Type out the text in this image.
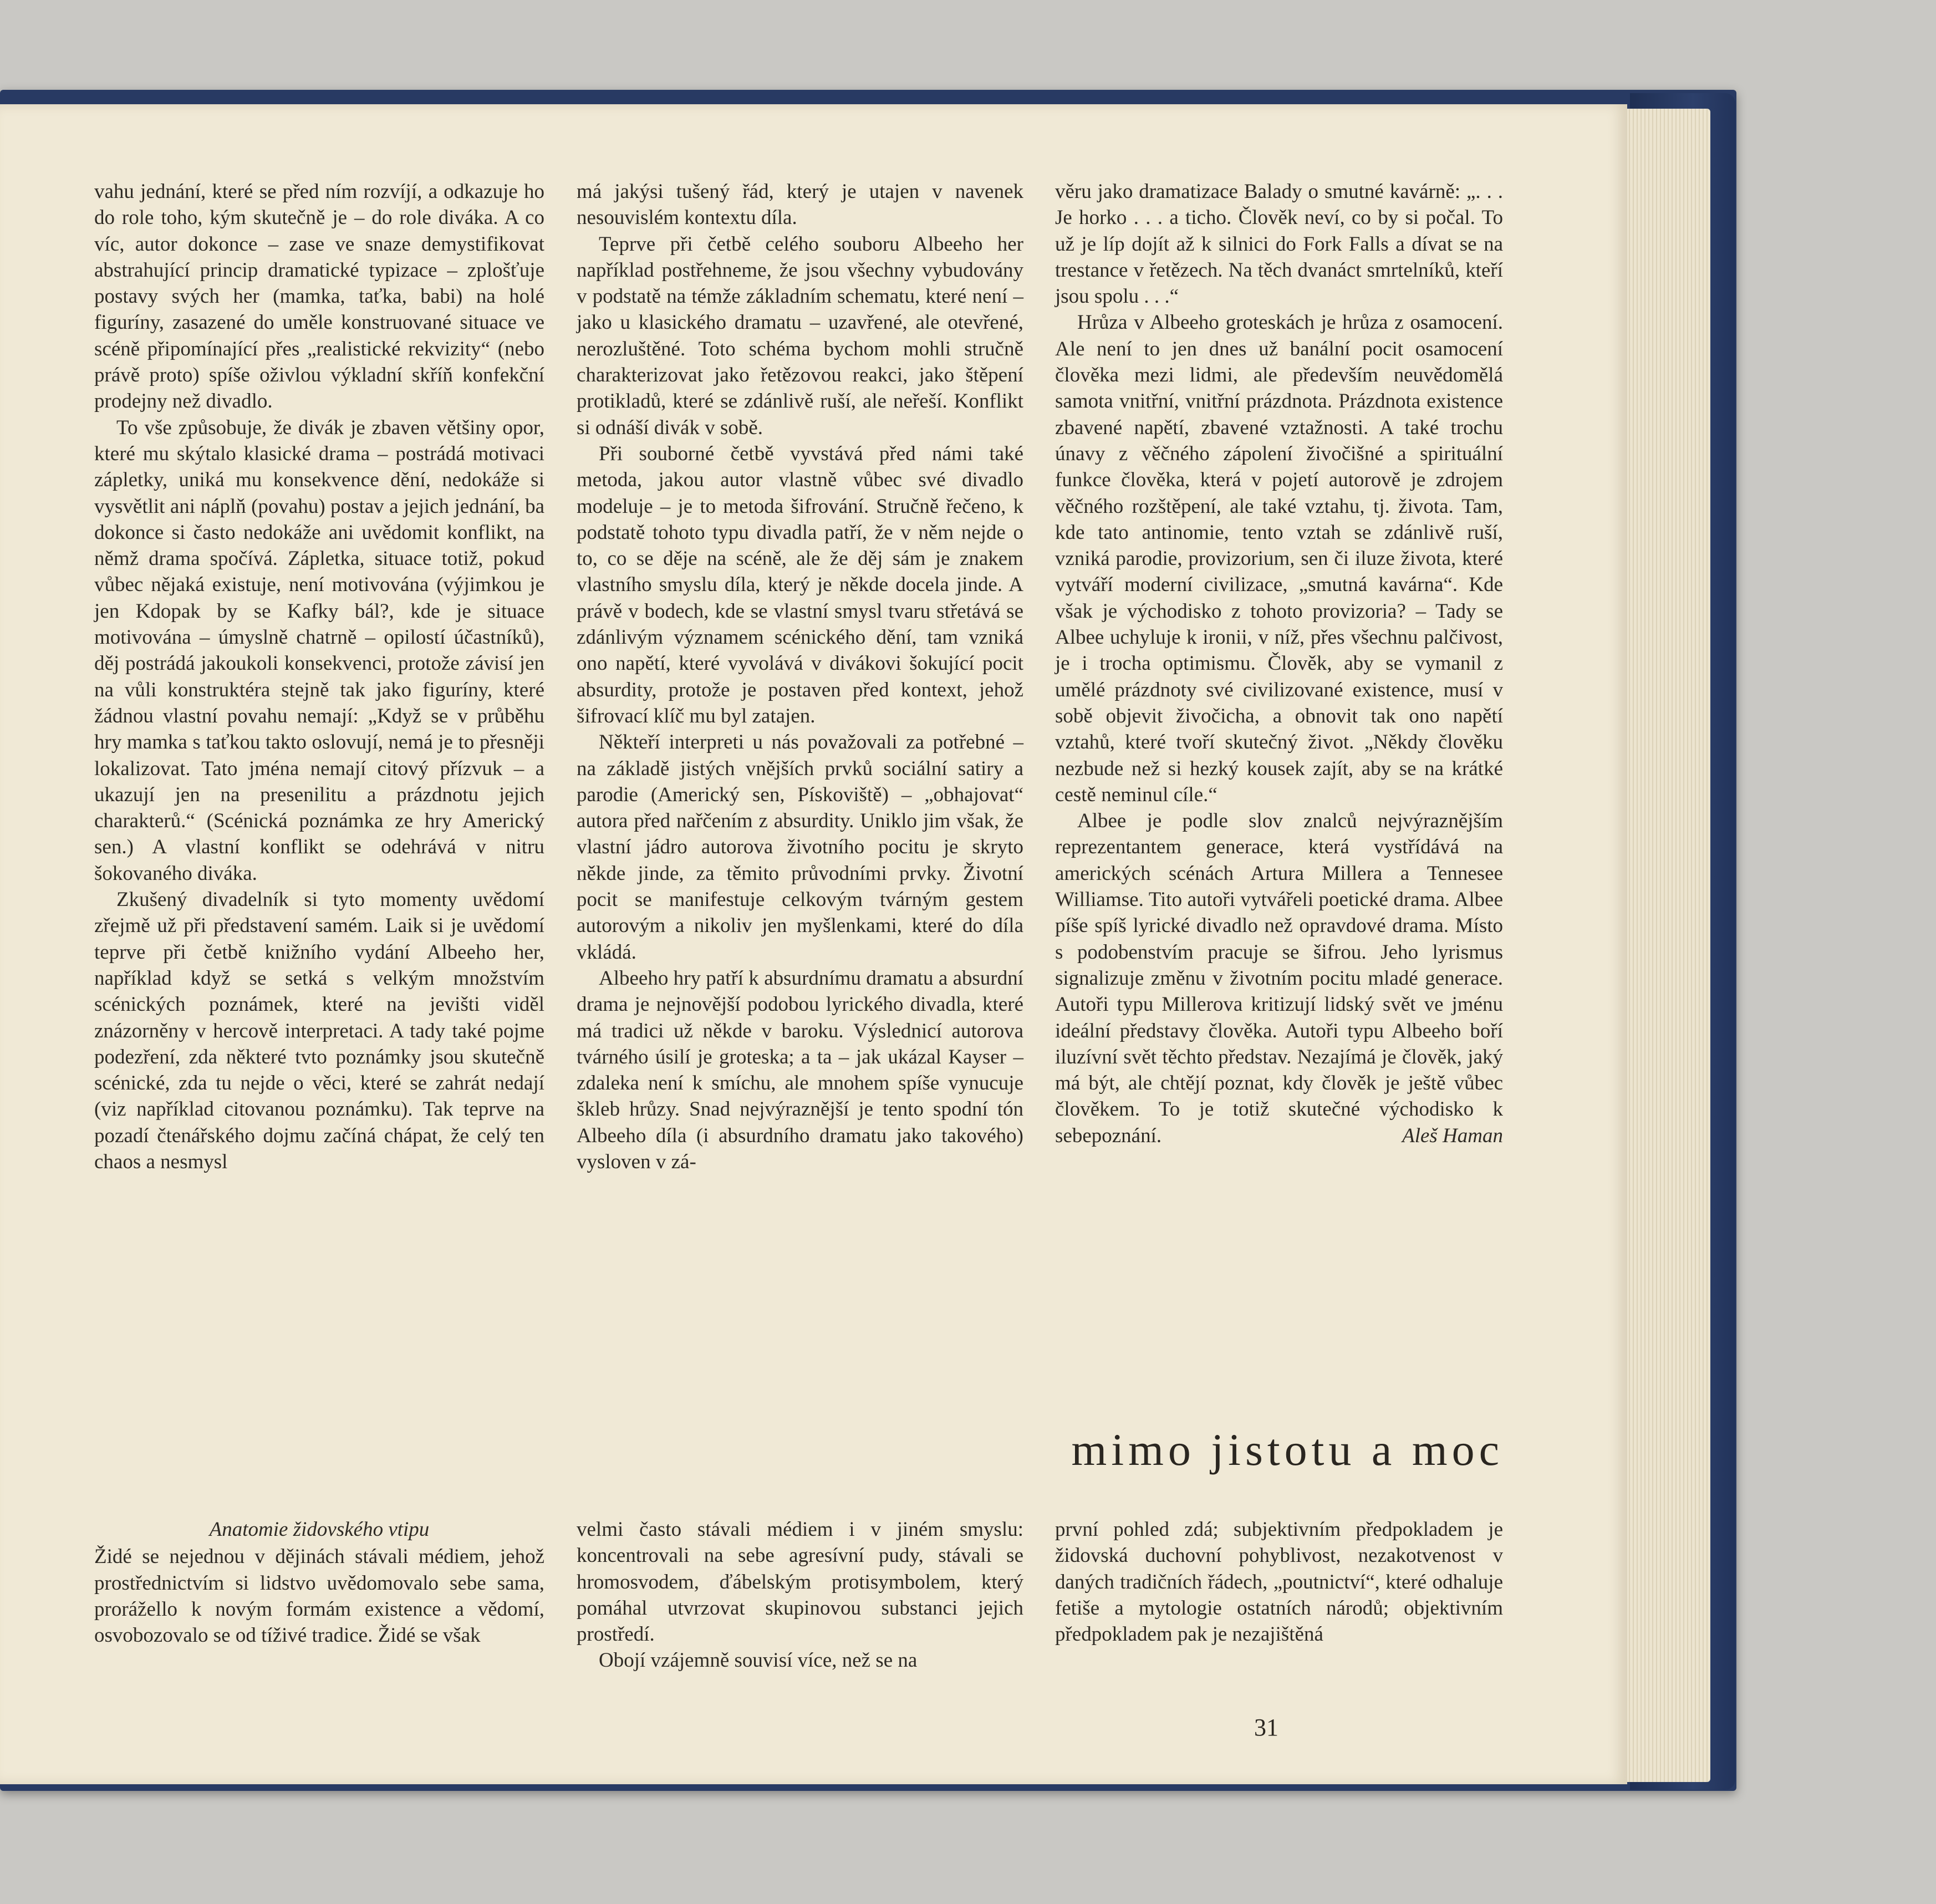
vahu jednání, které se před ním rozvíjí, a odkazuje ho do role toho, kým skutečně je – do role diváka. A co víc, autor dokonce – zase ve snaze demystifikovat abstrahující princip dramatické typizace – zplošťuje postavy svých her (mamka, taťka, babi) na holé figuríny, zasazené do uměle konstruované situace ve scéně připomínající přes „realistické rekvizity“ (nebo právě proto) spíše oživlou výkladní skříň konfekční prodejny než divadlo.

To vše způsobuje, že divák je zbaven většiny opor, které mu skýtalo klasické drama – postrádá motivaci zápletky, uniká mu konsekvence dění, nedokáže si vysvětlit ani náplň (povahu) postav a jejich jednání, ba dokonce si často nedokáže ani uvědomit konflikt, na němž drama spočívá. Zápletka, situace totiž, pokud vůbec nějaká existuje, není motivována (výjimkou je jen Kdopak by se Kafky bál?, kde je situace motivována – úmyslně chatrně – opilostí účastníků), děj postrádá jakoukoli konsekvenci, protože závisí jen na vůli konstruktéra stejně tak jako figuríny, které žádnou vlastní povahu nemají: „Když se v průběhu hry mamka s taťkou takto oslovují, nemá je to přesněji lokalizovat. Tato jména nemají citový přízvuk – a ukazují jen na presenilitu a prázdnotu jejich charakterů.“ (Scénická poznámka ze hry Americký sen.) A vlastní konflikt se odehrává v nitru šokovaného diváka.

Zkušený divadelník si tyto momenty uvědomí zřejmě už při představení samém. Laik si je uvědomí teprve při četbě knižního vydání Albeeho her, například když se setká s velkým množstvím scénických poznámek, které na jevišti viděl znázorněny v hercově interpretaci. A tady také pojme podezření, zda některé tvto poznámky jsou skutečně scénické, zda tu nejde o věci, které se zahrát nedají (viz například citovanou poznámku). Tak teprve na pozadí čtenářského dojmu začíná chápat, že celý ten chaos a nesmysl

má jakýsi tušený řád, který je utajen v navenek nesouvislém kontextu díla.

Teprve při četbě celého souboru Albeeho her například postřehneme, že jsou všechny vybudovány v podstatě na témže základním schematu, které není – jako u klasického dramatu – uzavřené, ale otevřené, nerozluštěné. Toto schéma bychom mohli stručně charakterizovat jako řetězovou reakci, jako štěpení protikladů, které se zdánlivě ruší, ale neřeší. Konflikt si odnáší divák v sobě.

Při souborné četbě vyvstává před námi také metoda, jakou autor vlastně vůbec své divadlo modeluje – je to metoda šifrování. Stručně řečeno, k podstatě tohoto typu divadla patří, že v něm nejde o to, co se děje na scéně, ale že děj sám je znakem vlastního smyslu díla, který je někde docela jinde. A právě v bodech, kde se vlastní smysl tvaru střetává se zdánlivým významem scénického dění, tam vzniká ono napětí, které vyvolává v divákovi šokující pocit absurdity, protože je postaven před kontext, jehož šifrovací klíč mu byl zatajen.

Někteří interpreti u nás považovali za potřebné – na základě jistých vnějších prvků sociální satiry a parodie (Americký sen, Pískoviště) – „obhajovat“ autora před nařčením z absurdity. Uniklo jim však, že vlastní jádro autorova životního pocitu je skryto někde jinde, za těmito průvodními prvky. Životní pocit se manifestuje celkovým tvárným gestem autorovým a nikoliv jen myšlenkami, které do díla vkládá.

Albeeho hry patří k absurdnímu dramatu a absurdní drama je nejnovější podobou lyrického divadla, které má tradici už někde v baroku. Výslednicí autorova tvárného úsilí je groteska; a ta – jak ukázal Kayser – zdaleka není k smíchu, ale mnohem spíše vynucuje škleb hrůzy. Snad nejvýraznější je tento spodní tón Albeeho díla (i absurdního dramatu jako takového) vysloven v zá-

věru jako dramatizace Balady o smutné kavárně: „. . . Je horko . . . a ticho. Člověk neví, co by si počal. To už je líp dojít až k silnici do Fork Falls a dívat se na trestance v řetězech. Na těch dvanáct smrtelníků, kteří jsou spolu . . .“

Hrůza v Albeeho groteskách je hrůza z osamocení. Ale není to jen dnes už banální pocit osamocení člověka mezi lidmi, ale především neuvědomělá samota vnitřní, vnitřní prázdnota. Prázdnota existence zbavené napětí, zbavené vztažnosti. A také trochu únavy z věčného zápolení živočišné a spirituální funkce člověka, která v pojetí autorově je zdrojem věčného rozštěpení, ale také vztahu, tj. života. Tam, kde tato antinomie, tento vztah se zdánlivě ruší, vzniká parodie, provizorium, sen či iluze života, které vytváří moderní civilizace, „smutná kavárna“. Kde však je východisko z tohoto provizoria? – Tady se Albee uchyluje k ironii, v níž, přes všechnu palčivost, je i trocha optimismu. Člověk, aby se vymanil z umělé prázdnoty své civilizované existence, musí v sobě objevit živočicha, a obnovit tak ono napětí vztahů, které tvoří skutečný život. „Někdy člověku nezbude než si hezký kousek zajít, aby se na krátké cestě neminul cíle.“

Albee je podle slov znalců nejvýraznějším reprezentantem generace, která vystřídává na amerických scénách Artura Millera a Tennesee Williamse. Tito autoři vytvářeli poetické drama. Albee píše spíš lyrické divadlo než opravdové drama. Místo s podobenstvím pracuje se šifrou. Jeho lyrismus signalizuje změnu v životním pocitu mladé generace. Autoři typu Millerova kritizují lidský svět ve jménu ideální představy člověka. Autoři typu Albeeho boří iluzívní svět těchto představ. Nezajímá je člověk, jaký má být, ale chtějí poznat, kdy člověk je ještě vůbec člověkem. To je totiž skutečné východisko k sebepoznání.	Aleš Haman

mimo jistotu a moc
Anatomie židovského vtipu

Židé se nejednou v dějinách stávali médiem, jehož prostřednictvím si lidstvo uvědomovalo sebe sama, prorážello k novým formám existence a vědomí, osvobozovalo se od tíživé tradice. Židé se však

velmi často stávali médiem i v jiném smyslu: koncentrovali na sebe agresívní pudy, stávali se hromosvodem, ďábelským protisymbolem, který pomáhal utvrzovat skupinovou substanci jejich prostředí.

Obojí vzájemně souvisí více, než se na

první pohled zdá; subjektivním předpokladem je židovská duchovní pohyblivost, nezakotvenost v daných tradičních řádech, „poutnictví“, které odhaluje fetiše a mytologie ostatních národů; objektivním předpokladem pak je nezajištěná

31
